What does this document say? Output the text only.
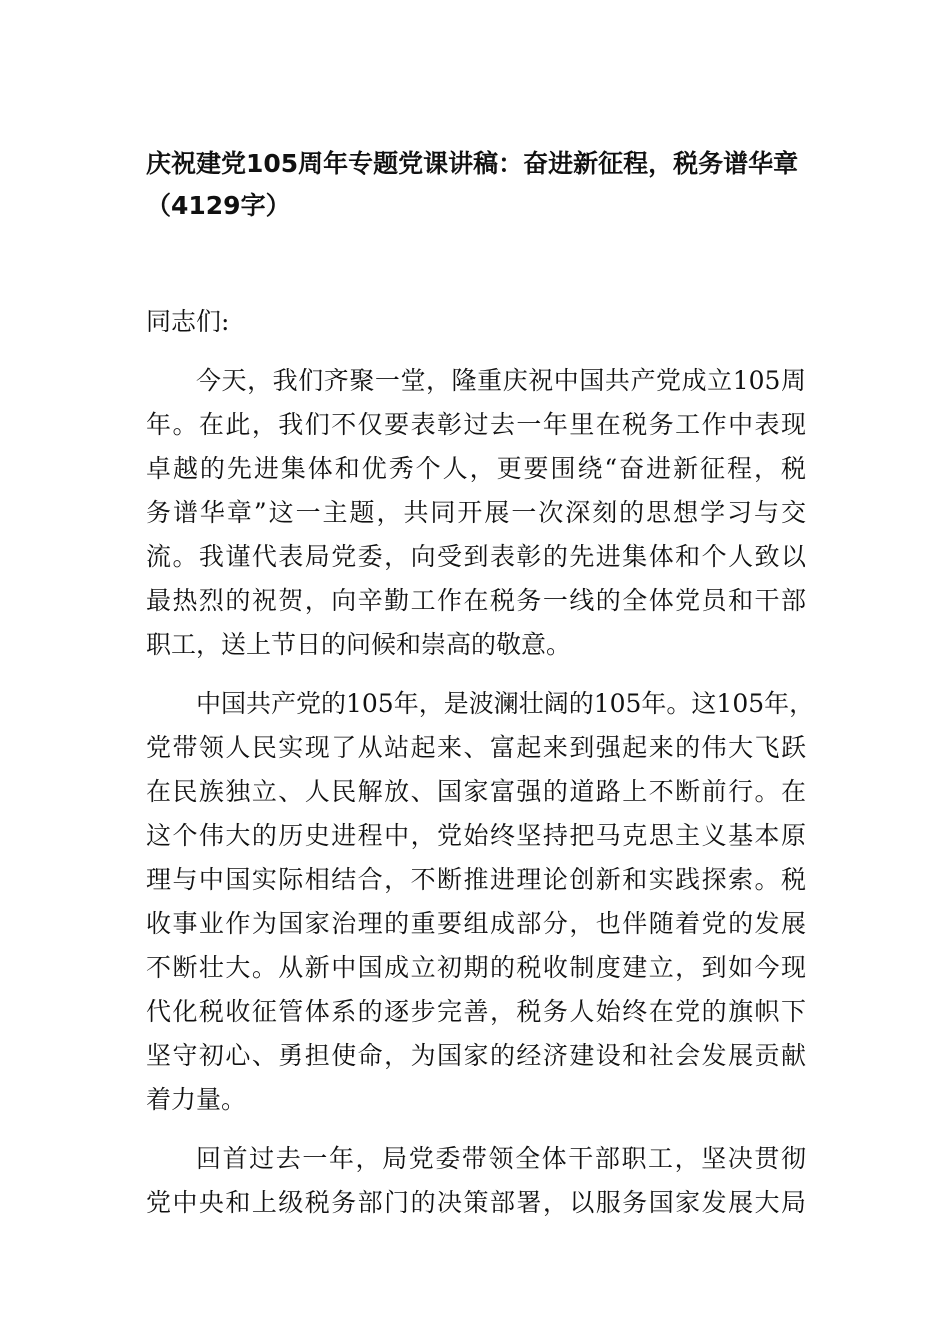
庆祝建党105周年专题党课讲稿：奋进新征程，税务谱华章
（4129字）
同志们:
今天，我们齐聚一堂，隆重庆祝中国共产党成立105周
年。在此，我们不仅要表彰过去一年里在税务工作中表现
卓越的先进集体和优秀个人，更要围绕“奋进新征程，税
务谱华章”这一主题，共同开展一次深刻的思想学习与交
流。我谨代表局党委，向受到表彰的先进集体和个人致以
最热烈的祝贺，向辛勤工作在税务一线的全体党员和干部
职工，送上节日的问候和崇高的敬意。
中国共产党的105年，是波澜壮阔的105年。这105年，
党带领人民实现了从站起来、富起来到强起来的伟大飞跃
在民族独立、人民解放、国家富强的道路上不断前行。在
这个伟大的历史进程中，党始终坚持把马克思主义基本原
理与中国实际相结合，不断推进理论创新和实践探索。税
收事业作为国家治理的重要组成部分，也伴随着党的发展
不断壮大。从新中国成立初期的税收制度建立，到如今现
代化税收征管体系的逐步完善，税务人始终在党的旗帜下
坚守初心、勇担使命，为国家的经济建设和社会发展贡献
着力量。
回首过去一年，局党委带领全体干部职工，坚决贯彻
党中央和上级税务部门的决策部署，以服务国家发展大局
